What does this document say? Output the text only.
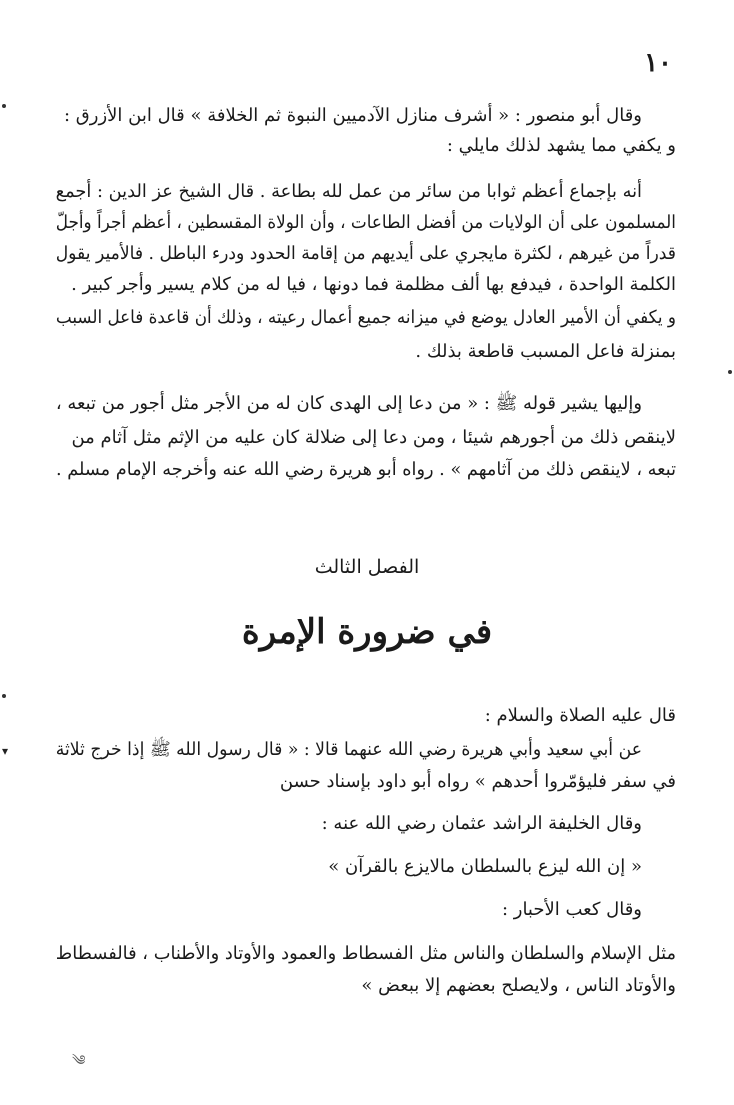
١٠
وقال أبو منصور : « أشرف منازل الآدميين النبوة ثم الخلافة » قال ابن الأزرق :
و يكفي مما يشهد لذلك مايلي :
أنه بإجماع أعظم ثوابا من سائر من عمل لله بطاعة . قال الشيخ عز الدين : أجمع
المسلمون على أن الولايات من أفضل الطاعات ، وأن الولاة المقسطين ، أعظم أجراً وأجلّ
قدراً من غيرهم ، لكثرة مايجري على أيديهم من إقامة الحدود ودرء الباطل . فالأمير يقول
الكلمة الواحدة ، فيدفع بها ألف مظلمة فما دونها ، فيا له من كلام يسير وأجر كبير .
و يكفي أن الأمير العادل يوضع في ميزانه جميع أعمال رعيته ، وذلك أن قاعدة فاعل السبب
بمنزلة فاعل المسبب قاطعة بذلك .
وإليها يشير قوله ﷺ : « من دعا إلى الهدى كان له من الأجر مثل أجور من تبعه ،
لاينقص ذلك من أجورهم شيئا ، ومن دعا إلى ضلالة كان عليه من الإثم مثل آثام من
تبعه ، لاينقص ذلك من آثامهم » . رواه أبو هريرة رضي الله عنه وأخرجه الإمام مسلم .
الفصل الثالث
في ضرورة الإمرة
قال عليه الصلاة والسلام :
عن أبي سعيد وأبي هريرة رضي الله عنهما قالا : « قال رسول الله ﷺ إذا خرج ثلاثة
في سفر فليؤمّروا أحدهم » رواه أبو داود بإسناد حسن
وقال الخليفة الراشد عثمان رضي الله عنه :
« إن الله ليزع بالسلطان مالايزع بالقرآن »
وقال كعب الأحبار :
مثل الإسلام والسلطان والناس مثل الفسطاط والعمود والأوتاد والأطناب ، فالفسطاط
والأوتاد الناس ، ولايصلح بعضهم إلا ببعض »
▾
༄
